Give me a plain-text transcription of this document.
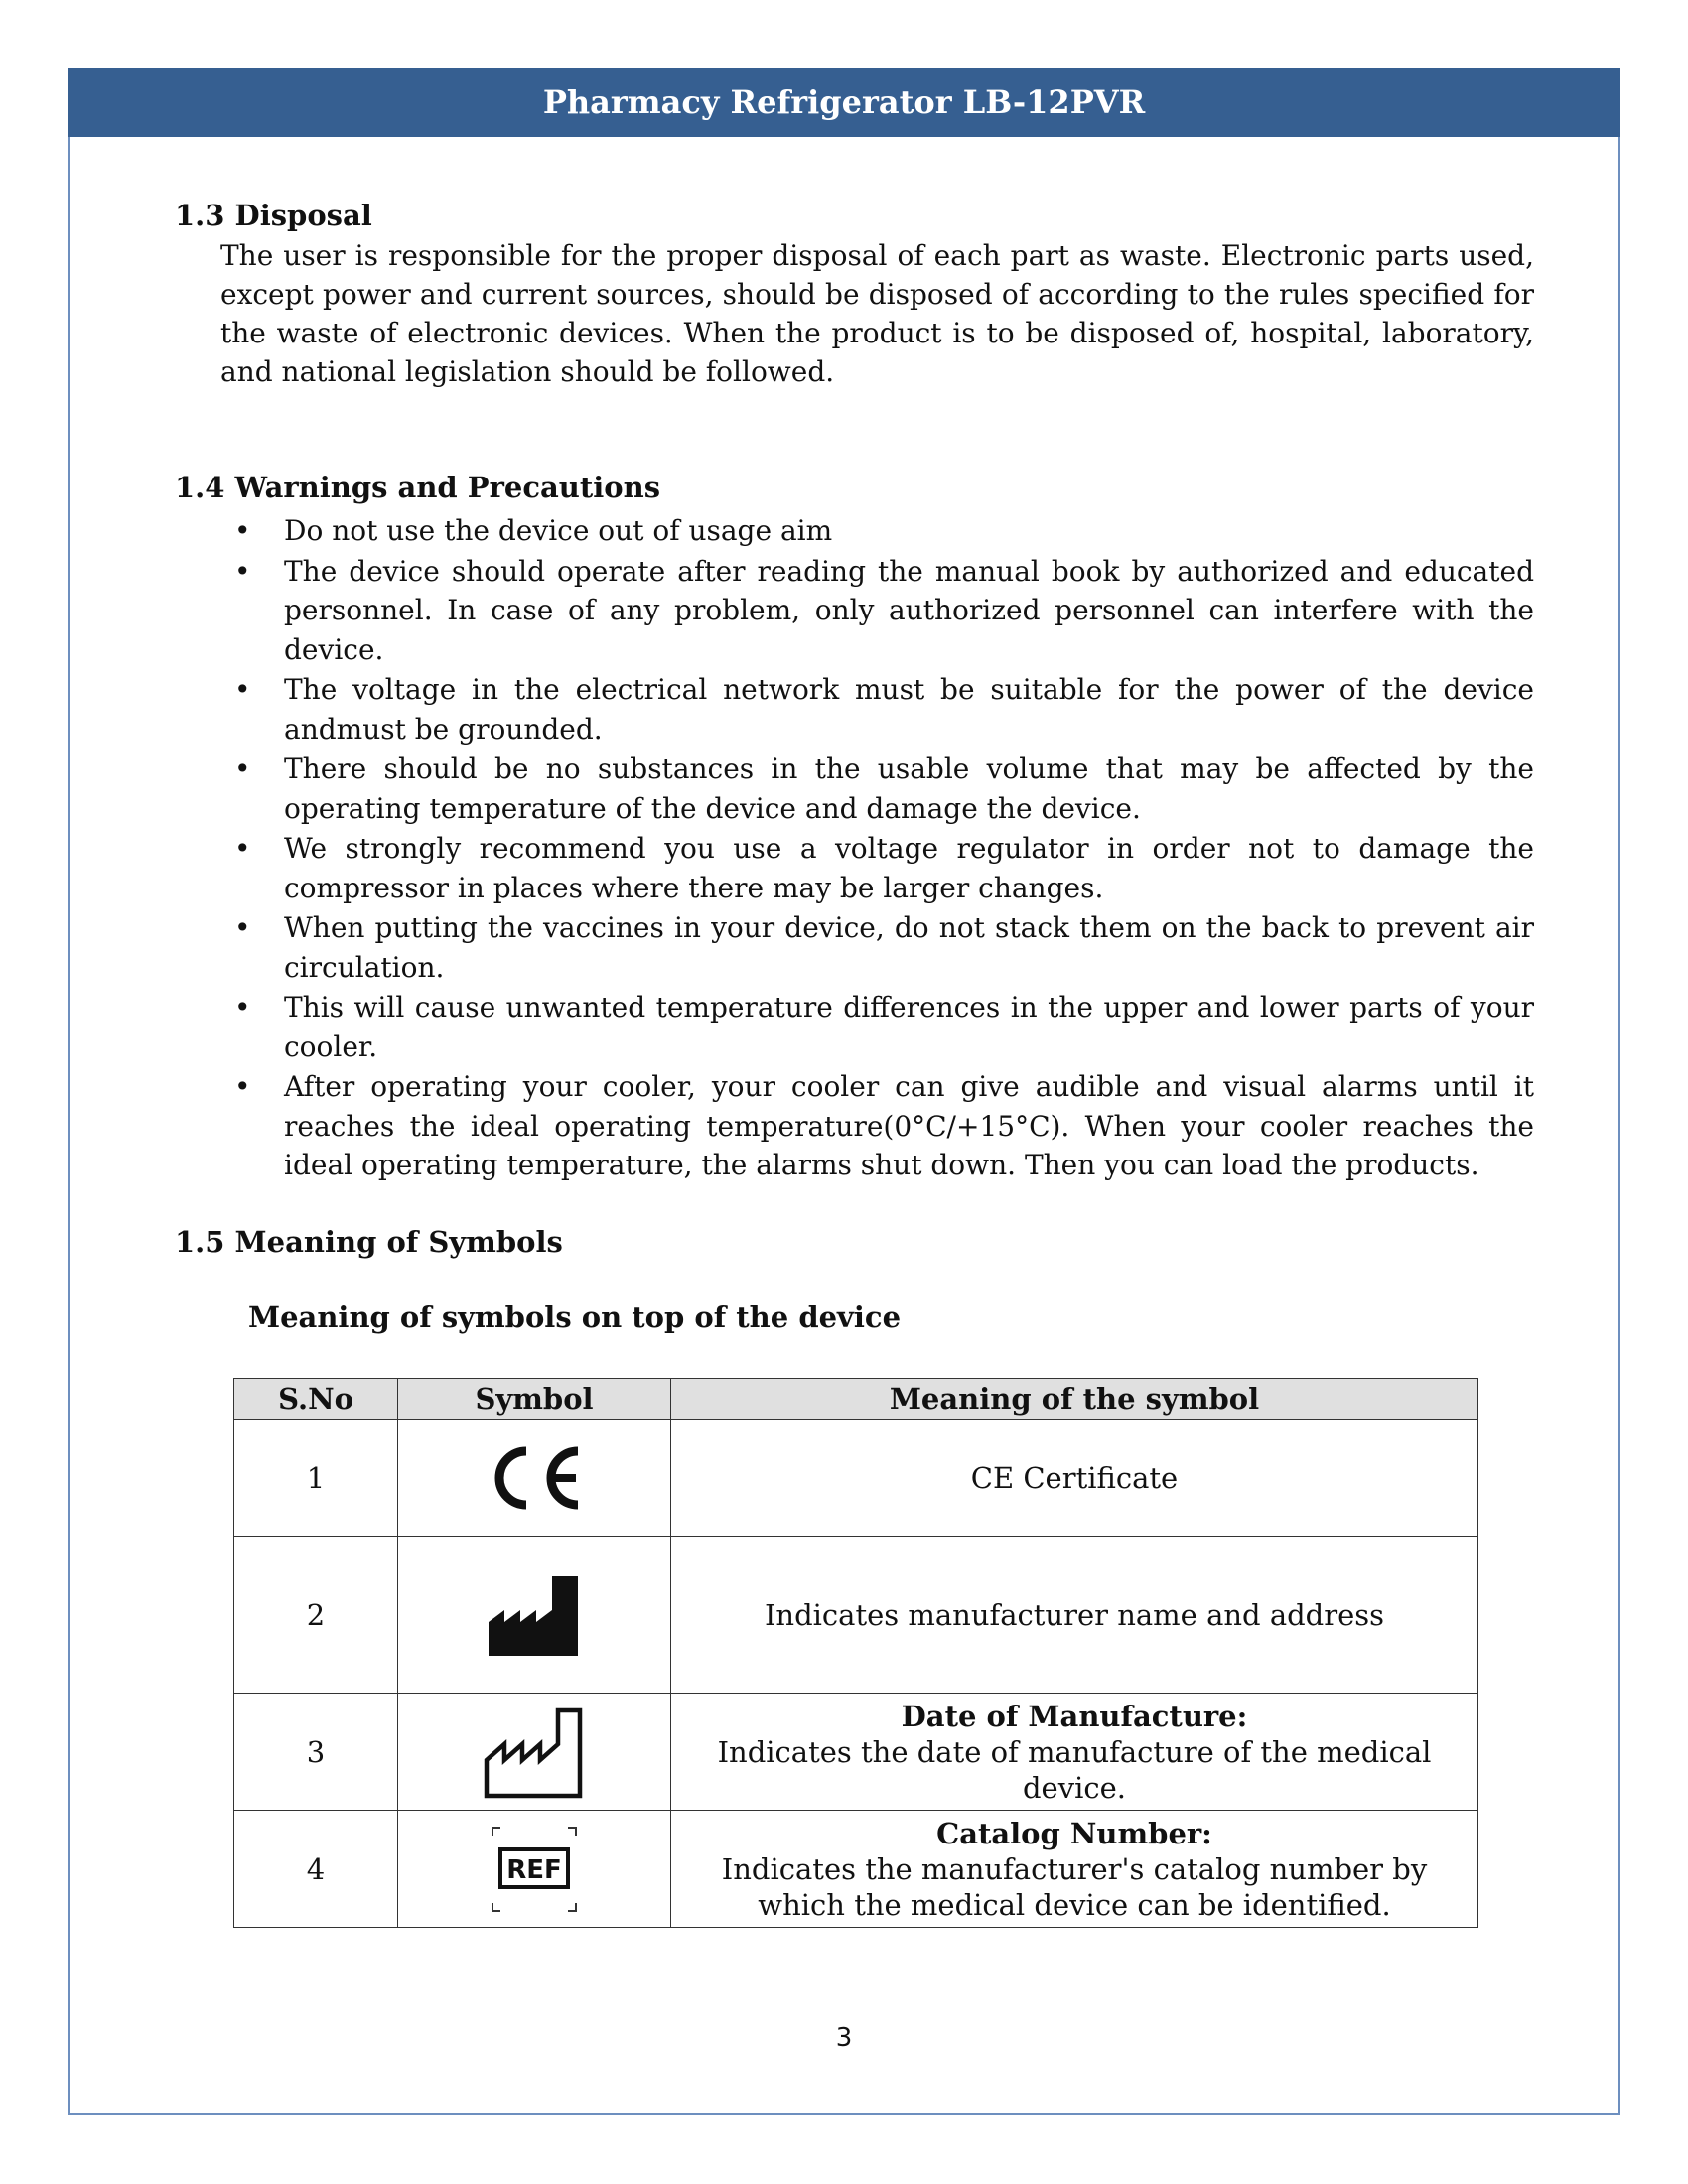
Pharmacy Refrigerator LB-12PVR
1.3 Disposal
The user is responsible for the proper disposal of each part as waste. Electronic parts used, except power and current sources, should be disposed of according to the rules specified for the waste of electronic devices. When the product is to be disposed of, hospital, laboratory, and national legislation should be followed.
1.4 Warnings and Precautions
• Do not use the device out of usage aim
• The device should operate after reading the manual book by authorized and educated personnel. In case of any problem, only authorized personnel can interfere with the device.
• The voltage in the electrical network must be suitable for the power of the device andmust be grounded.
• There should be no substances in the usable volume that may be affected by the operating temperature of the device and damage the device.
• We strongly recommend you use a voltage regulator in order not to damage the compressor in places where there may be larger changes.
• When putting the vaccines in your device, do not stack them on the back to prevent air circulation.
• This will cause unwanted temperature differences in the upper and lower parts of your cooler.
• After operating your cooler, your cooler can give audible and visual alarms until it reaches the ideal operating temperature(0°C/+15°C). When your cooler reaches the ideal operating temperature, the alarms shut down. Then you can load the products.
1.5 Meaning of Symbols
Meaning of symbols on top of the device
S.No	Symbol	Meaning of the symbol
1		CE Certificate

2		Indicates manufacturer name and address

3		Date of Manufacture:
Indicates the date of manufacture of the medical device.

4	REF	Catalog Number:
Indicates the manufacturer's catalog number by which the medical device can be identified.
3
